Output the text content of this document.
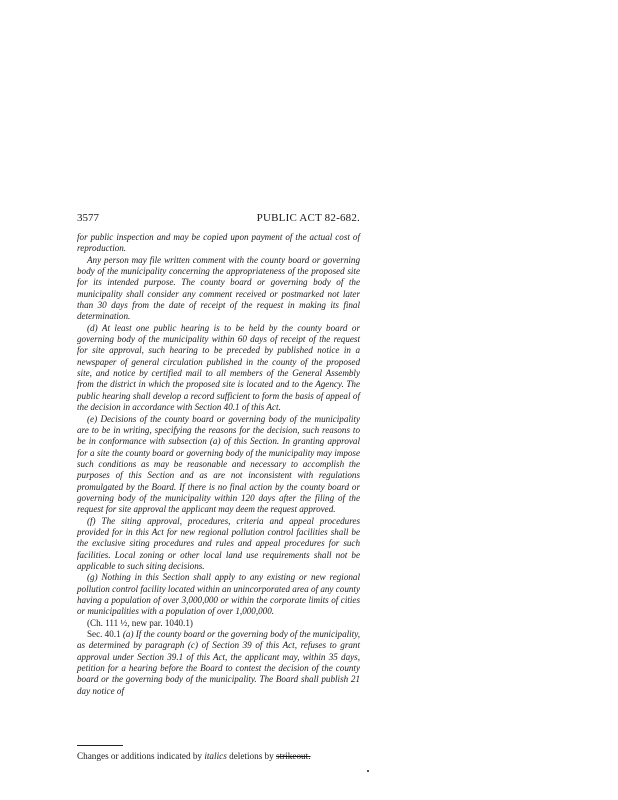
3577	PUBLIC ACT 82-682.

for public inspection and may be copied upon payment of the actual cost of reproduction.

Any person may file written comment with the county board or governing body of the municipality concerning the appropriateness of the proposed site for its intended purpose. The county board or governing body of the municipality shall consider any comment received or postmarked not later than 30 days from the date of receipt of the request in making its final determination.

(d) At least one public hearing is to be held by the county board or governing body of the municipality within 60 days of receipt of the request for site approval, such hearing to be preceded by published notice in a newspaper of general circulation published in the county of the proposed site, and notice by certified mail to all members of the General Assembly from the district in which the proposed site is located and to the Agency. The public hearing shall develop a record sufficient to form the basis of appeal of the decision in accordance with Section 40.1 of this Act.

(e) Decisions of the county board or governing body of the municipality are to be in writing, specifying the reasons for the decision, such reasons to be in conformance with subsection (a) of this Section. In granting approval for a site the county board or governing body of the municipality may impose such conditions as may be reasonable and necessary to accomplish the purposes of this Section and as are not inconsistent with regulations promulgated by the Board. If there is no final action by the county board or governing body of the municipality within 120 days after the filing of the request for site approval the applicant may deem the request approved.

(f) The siting approval, procedures, criteria and appeal procedures provided for in this Act for new regional pollution control facilities shall be the exclusive siting procedures and rules and appeal procedures for such facilities. Local zoning or other local land use requirements shall not be applicable to such siting decisions.

(g) Nothing in this Section shall apply to any existing or new regional pollution control facility located within an unincorporated area of any county having a population of over 3,000,000 or within the corporate limits of cities or municipalities with a population of over 1,000,000.

(Ch. 111 ½, new par. 1040.1)

Sec. 40.1 (a) If the county board or the governing body of the municipality, as determined by paragraph (c) of Section 39 of this Act, refuses to grant approval under Section 39.1 of this Act, the applicant may, within 35 days, petition for a hearing before the Board to contest the decision of the county board or the governing body of the municipality. The Board shall publish 21 day notice of

Changes or additions indicated by italics deletions by strikeout.
